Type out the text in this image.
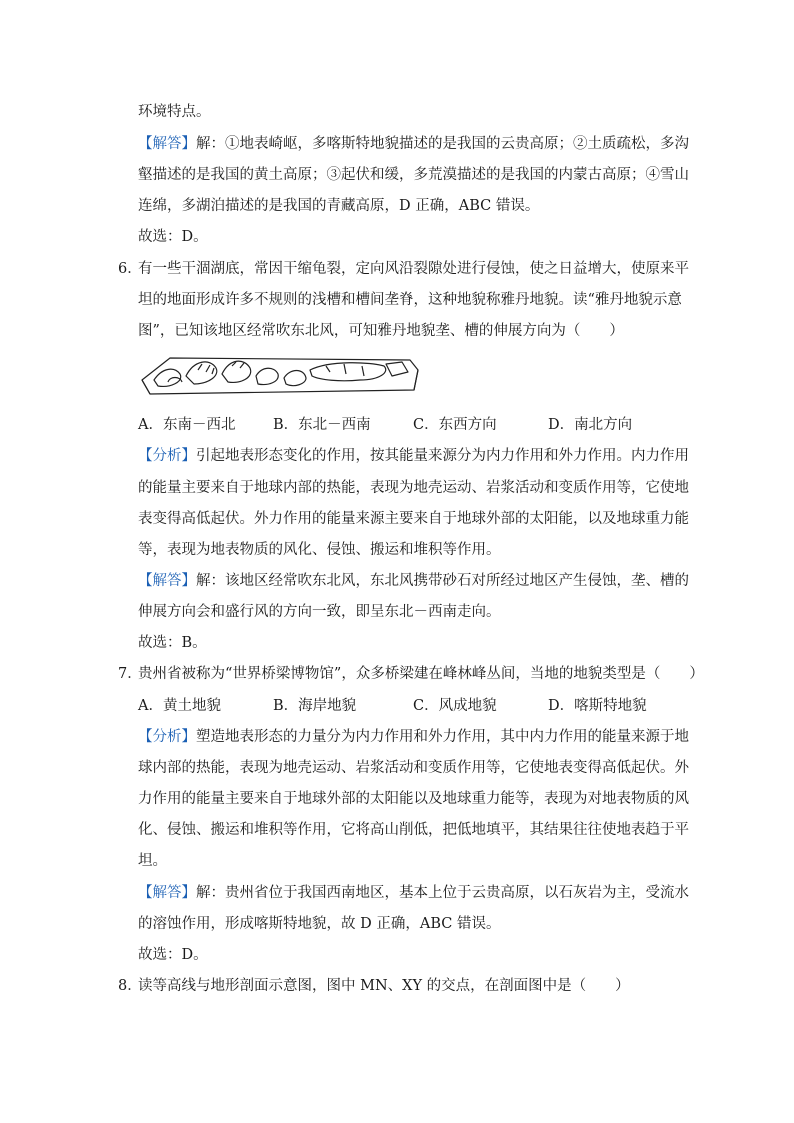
环境特点。
【解答】解：①地表崎岖，多喀斯特地貌描述的是我国的云贵高原；②土质疏松，多沟
壑描述的是我国的黄土高原；③起伏和缓，多荒漠描述的是我国的内蒙古高原；④雪山
连绵，多湖泊描述的是我国的青藏高原，D 正确，ABC 错误。
故选：D。
6．
有一些干涸湖底，常因干缩龟裂，定向风沿裂隙处进行侵蚀，使之日益增大，使原来平
坦的地面形成许多不规则的浅槽和槽间垄脊，这种地貌称雅丹地貌。读“雅丹地貌示意
图”，已知该地区经常吹东北风，可知雅丹地貌垄、槽的伸展方向为（　　）
A．东南－西北	B．东北－西南	C．东西方向	D．南北方向
【分析】引起地表形态变化的作用，按其能量来源分为内力作用和外力作用。内力作用
的能量主要来自于地球内部的热能，表现为地壳运动、岩浆活动和变质作用等，它使地
表变得高低起伏。外力作用的能量来源主要来自于地球外部的太阳能，以及地球重力能
等，表现为地表物质的风化、侵蚀、搬运和堆积等作用。
【解答】解：该地区经常吹东北风，东北风携带砂石对所经过地区产生侵蚀，垄、槽的
伸展方向会和盛行风的方向一致，即呈东北－西南走向。
故选：B。
7．
贵州省被称为“世界桥梁博物馆”，众多桥梁建在峰林峰丛间，当地的地貌类型是（　　）
A．黄土地貌	B．海岸地貌	C．风成地貌	D．喀斯特地貌
【分析】塑造地表形态的力量分为内力作用和外力作用，其中内力作用的能量来源于地
球内部的热能，表现为地壳运动、岩浆活动和变质作用等，它使地表变得高低起伏。外
力作用的能量主要来自于地球外部的太阳能以及地球重力能等，表现为对地表物质的风
化、侵蚀、搬运和堆积等作用，它将高山削低，把低地填平，其结果往往使地表趋于平
坦。
【解答】解：贵州省位于我国西南地区，基本上位于云贵高原，以石灰岩为主，受流水
的溶蚀作用，形成喀斯特地貌，故 D 正确，ABC 错误。
故选：D。
8．
读等高线与地形剖面示意图，图中 MN、XY 的交点，在剖面图中是（　　）
